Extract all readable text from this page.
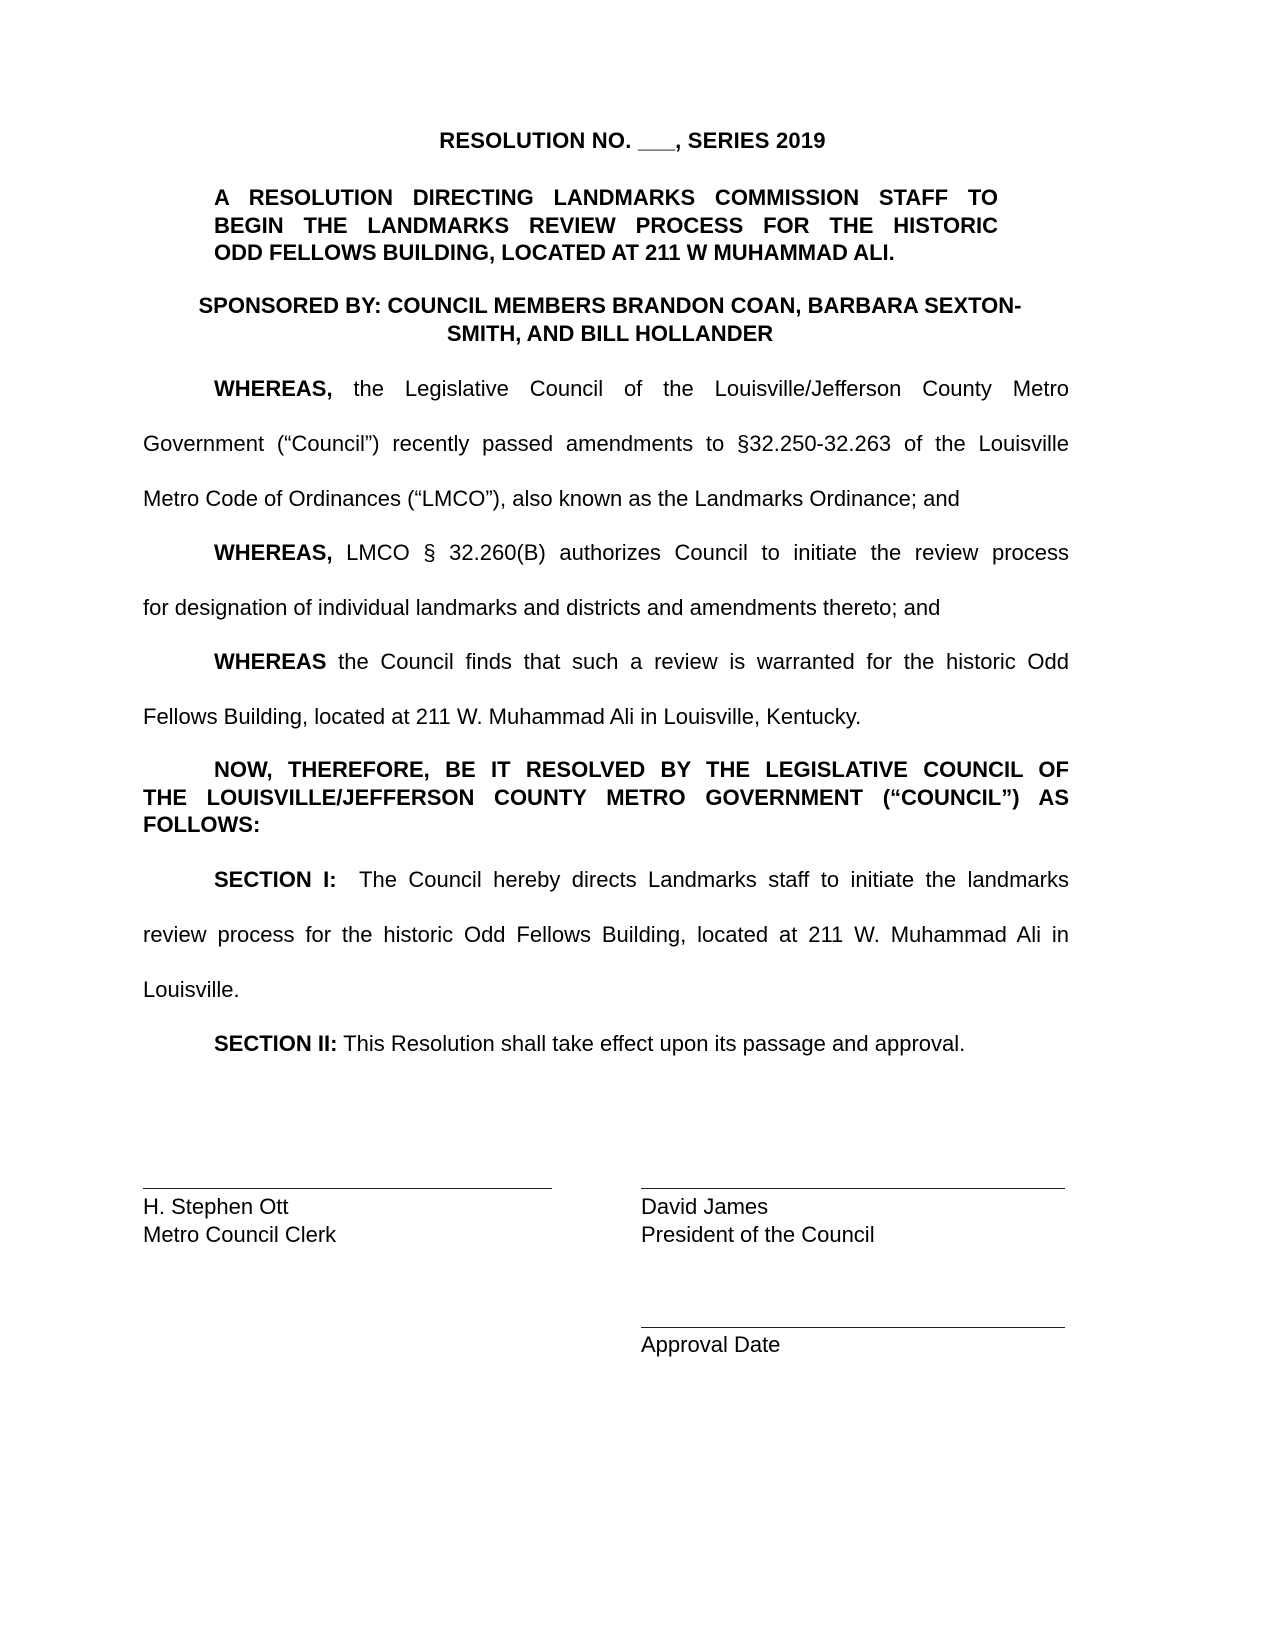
RESOLUTION NO. ___, SERIES 2019
A RESOLUTION DIRECTING LANDMARKS COMMISSION STAFF TO
BEGIN THE LANDMARKS REVIEW PROCESS FOR THE HISTORIC
ODD FELLOWS BUILDING, LOCATED AT 211 W MUHAMMAD ALI.
SPONSORED BY: COUNCIL MEMBERS BRANDON COAN, BARBARA SEXTON-
SMITH, AND BILL HOLLANDER
WHEREAS, the Legislative Council of the Louisville/Jefferson County Metro
Government (“Council”) recently passed amendments to §32.250-32.263 of the Louisville
Metro Code of Ordinances (“LMCO”), also known as the Landmarks Ordinance; and
WHEREAS, LMCO § 32.260(B) authorizes Council to initiate the review process
for designation of individual landmarks and districts and amendments thereto; and
WHEREAS the Council finds that such a review is warranted for the historic Odd
Fellows Building, located at 211 W. Muhammad Ali in Louisville, Kentucky.
NOW, THEREFORE, BE IT RESOLVED BY THE LEGISLATIVE COUNCIL OF
THE LOUISVILLE/JEFFERSON COUNTY METRO GOVERNMENT (“COUNCIL”) AS
FOLLOWS:
SECTION I:  The Council hereby directs Landmarks staff to initiate the landmarks
review process for the historic Odd Fellows Building, located at 211 W. Muhammad Ali in
Louisville.
SECTION II: This Resolution shall take effect upon its passage and approval.
H. Stephen Ott
Metro Council Clerk
David James
President of the Council
Approval Date
